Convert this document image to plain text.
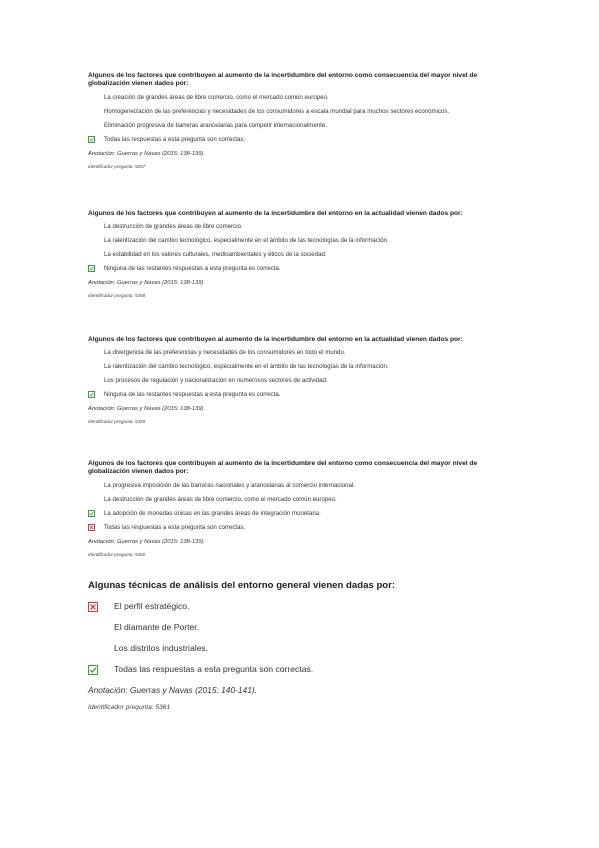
Algunos de los factores que contribuyen al aumento de la incertidumbre del entorno como consecuencia del mayor nivel de globalización vienen dados por:

La creación de grandes áreas de libre comercio, como el mercado común europeo.
Homogeneización de las preferencias y necesidades de los consumidores a escala mundial para muchos sectores económicos.
Eliminación progresiva de barreras arancelarias para competir internacionalmente.
Todas las respuestas a esta pregunta son correctas.

Anotación: Guerras y Navas (2015: 138-139).

Identificador pregunta: 5357

Algunos de los factores que contribuyen al aumento de la incertidumbre del entorno en la actualidad vienen dados por:

La destrucción de grandes áreas de libre comercio.
La ralentización del cambio tecnológico, especialmente en el ámbito de las tecnologías de la información.
La estabilidad en los valores culturales, medioambientales y éticos de la sociedad.
Ninguna de las restantes respuestas a esta pregunta es correcta.

Anotación: Guerras y Navas (2015: 138-139).

Identificador pregunta: 5358

Algunos de los factores que contribuyen al aumento de la incertidumbre del entorno en la actualidad vienen dados por:

La divergencia de las preferencias y necesidades de los consumidores en todo el mundo.
La ralentización del cambio tecnológico, especialmente en el ámbito de las tecnologías de la información.
Los procesos de regulación y nacionalización en numerosos sectores de actividad.
Ninguna de las restantes respuestas a esta pregunta es correcta.

Anotación: Guerras y Navas (2015: 138-139).

Identificador pregunta: 5359

Algunos de los factores que contribuyen al aumento de la incertidumbre del entorno como consecuencia del mayor nivel de globalización vienen dados por:

La progresiva imposición de las barreras nacionales y arancelarias al comercio internacional.
La destrucción de grandes áreas de libre comercio, como el mercado común europeo.
La adopción de monedas únicas en las grandes áreas de integración monetaria.
Todas las respuestas a esta pregunta son correctas.

Anotación: Guerras y Navas (2015: 138-139).

Identificador pregunta: 5360

Algunas técnicas de análisis del entorno general vienen dadas por:

El perfil estratégico.
El diamante de Porter.
Los distritos industriales.
Todas las respuestas a esta pregunta son correctas.

Anotación: Guerras y Navas (2015: 140-141).

Identificador pregunta: 5361
